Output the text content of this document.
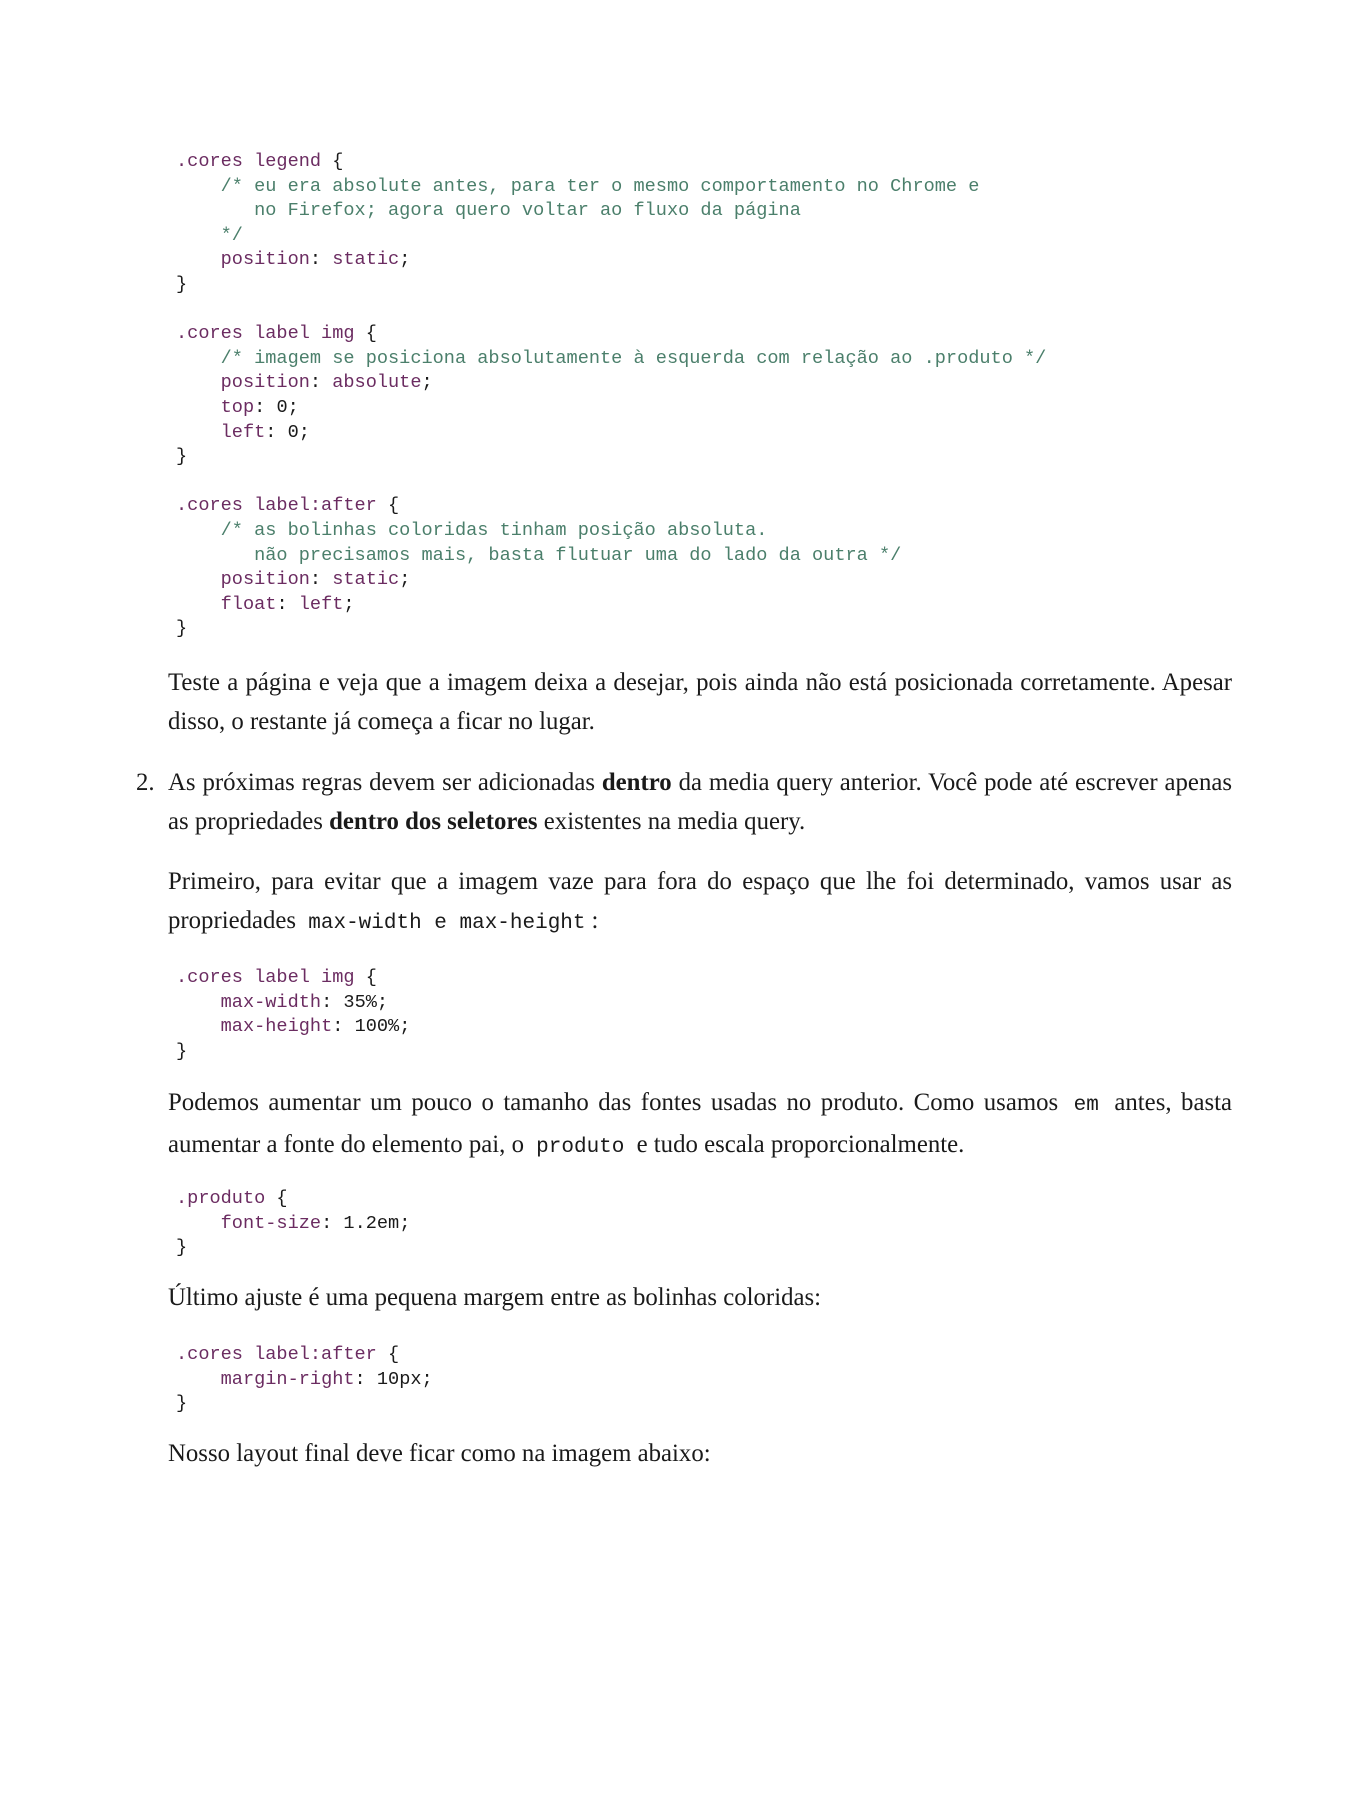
.cores legend {
/* eu era absolute antes, para ter o mesmo comportamento no Chrome e
no Firefox; agora quero voltar ao fluxo da página
*/
position: static;
}

.cores label img {
/* imagem se posiciona absolutamente à esquerda com relação ao .produto */
position: absolute;
top: 0;
left: 0;
}

.cores label:after {
/* as bolinhas coloridas tinham posição absoluta.
não precisamos mais, basta flutuar uma do lado da outra */
position: static;
float: left;
}

Teste a página e veja que a imagem deixa a desejar, pois ainda não está posicionada corretamente. Apesar disso, o restante já começa a ficar no lugar.

2. As próximas regras devem ser adicionadas dentro da media query anterior. Você pode até escrever apenas as propriedades dentro dos seletores existentes na media query.

Primeiro, para evitar que a imagem vaze para fora do espaço que lhe foi determinado, vamos usar as propriedades max-width e max-height :

.cores label img {
max-width: 35%;
max-height: 100%;
}

Podemos aumentar um pouco o tamanho das fontes usadas no produto. Como usamos em antes, basta aumentar a fonte do elemento pai, o produto e tudo escala proporcionalmente.

.produto {
font-size: 1.2em;
}

Último ajuste é uma pequena margem entre as bolinhas coloridas:

.cores label:after {
margin-right: 10px;
}

Nosso layout final deve ficar como na imagem abaixo:
